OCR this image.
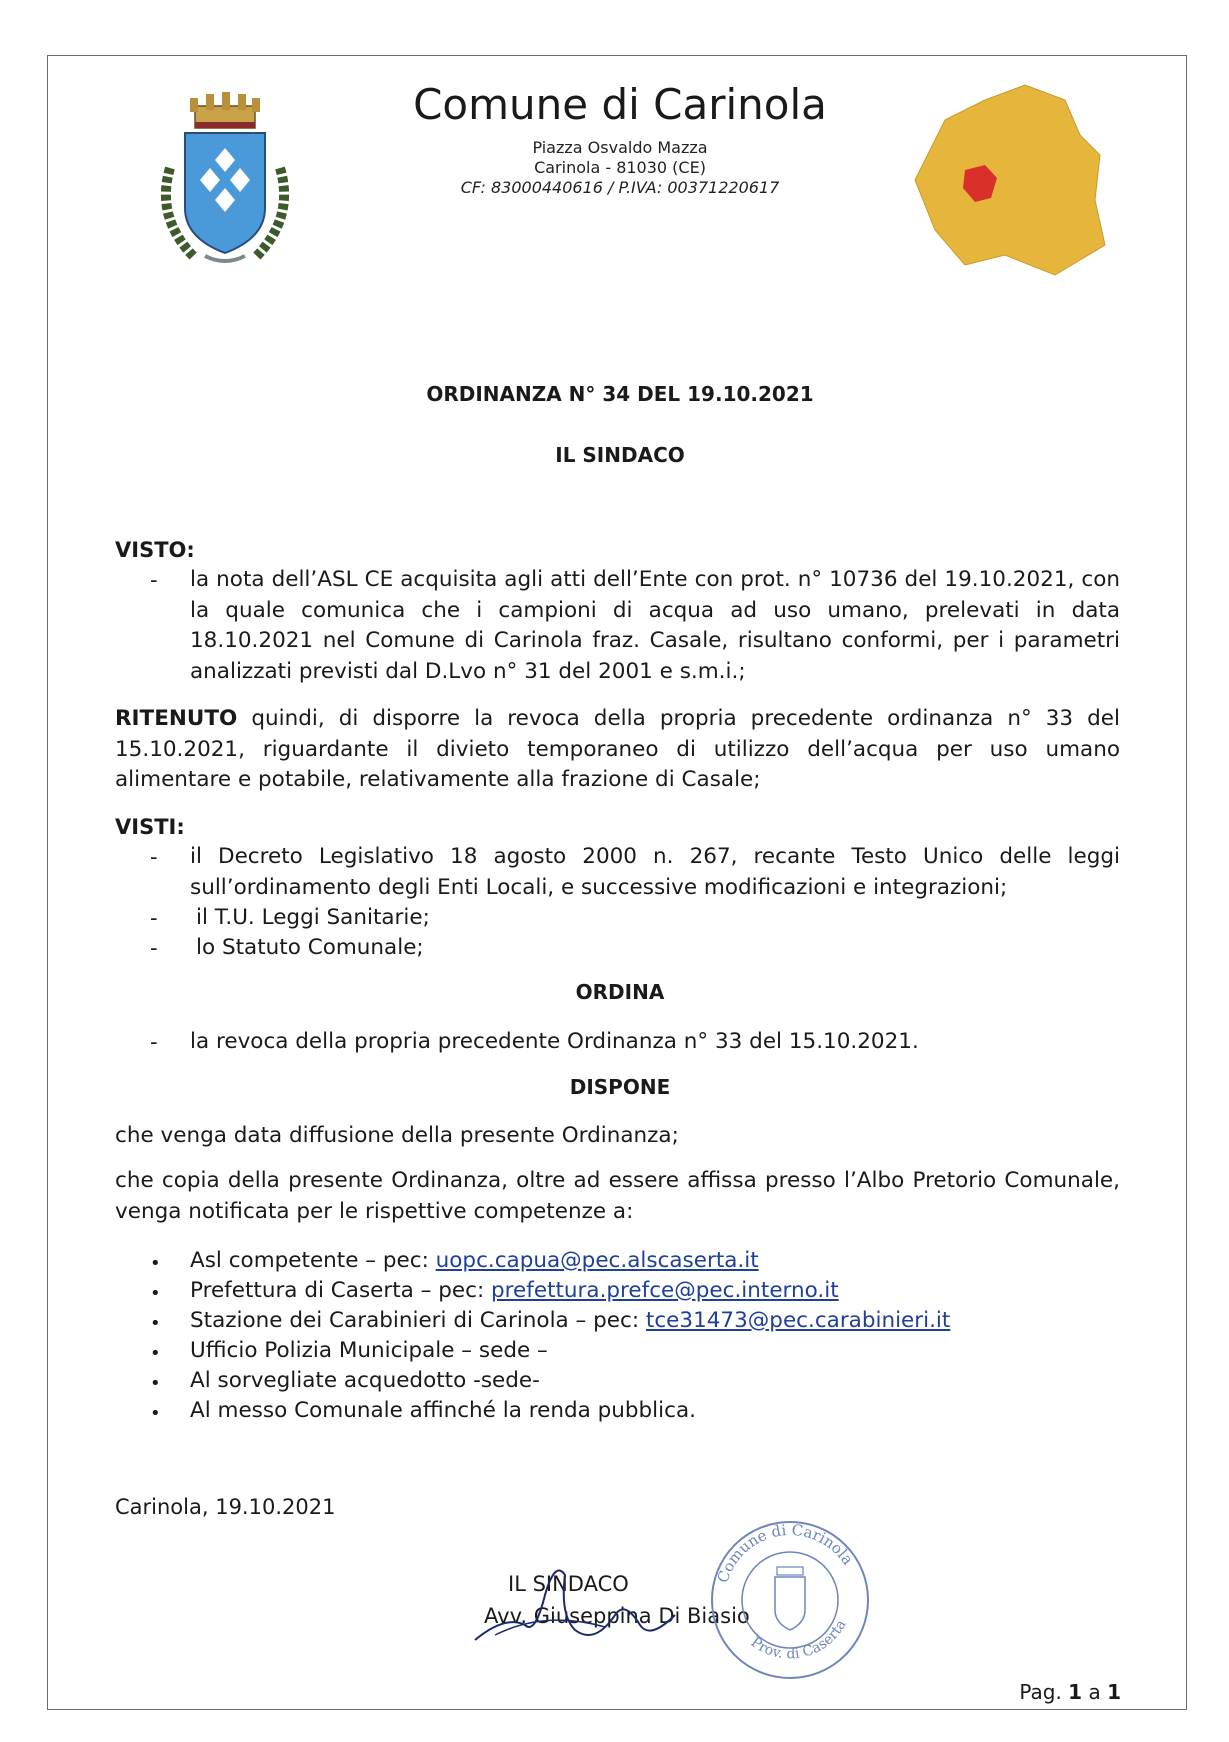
Comune di Carinola
Piazza Osvaldo Mazza
Carinola - 81030 (CE)
CF: 83000440616 / P.IVA: 00371220617
ORDINANZA N° 34 DEL 19.10.2021
IL SINDACO
VISTO:
- la nota dell’ASL CE acquisita agli atti dell’Ente con prot. n° 10736 del 19.10.2021, con la quale comunica che i campioni di acqua ad uso umano, prelevati in data 18.10.2021 nel Comune di Carinola fraz. Casale, risultano conformi, per i parametri analizzati previsti dal D.Lvo n° 31 del 2001 e s.m.i.;
RITENUTO quindi, di disporre la revoca della propria precedente ordinanza n° 33 del 15.10.2021, riguardante il divieto temporaneo di utilizzo dell’acqua per uso umano alimentare e potabile, relativamente alla frazione di Casale;
VISTI:
- il Decreto Legislativo 18 agosto 2000 n. 267, recante Testo Unico delle leggi sull’ordinamento degli Enti Locali, e successive modificazioni e integrazioni;
- il T.U. Leggi Sanitarie;
- lo Statuto Comunale;
ORDINA
- la revoca della propria precedente Ordinanza n° 33 del 15.10.2021.
DISPONE
che venga data diffusione della presente Ordinanza;
che copia della presente Ordinanza, oltre ad essere affissa presso l’Albo Pretorio Comunale, venga notificata per le rispettive competenze a:
• Asl competente – pec: uopc.capua@pec.alscaserta.it
• Prefettura di Caserta – pec: prefettura.prefce@pec.interno.it
• Stazione dei Carabinieri di Carinola – pec: tce31473@pec.carabinieri.it
• Ufficio Polizia Municipale – sede –
• Al sorvegliate acquedotto -sede-
• Al messo Comunale affinché la renda pubblica.
Carinola, 19.10.2021
IL SINDACO
Avv. Giuseppina Di Biasio
Comune di Carinola
Prov. di Caserta
Pag. 1 a 1
